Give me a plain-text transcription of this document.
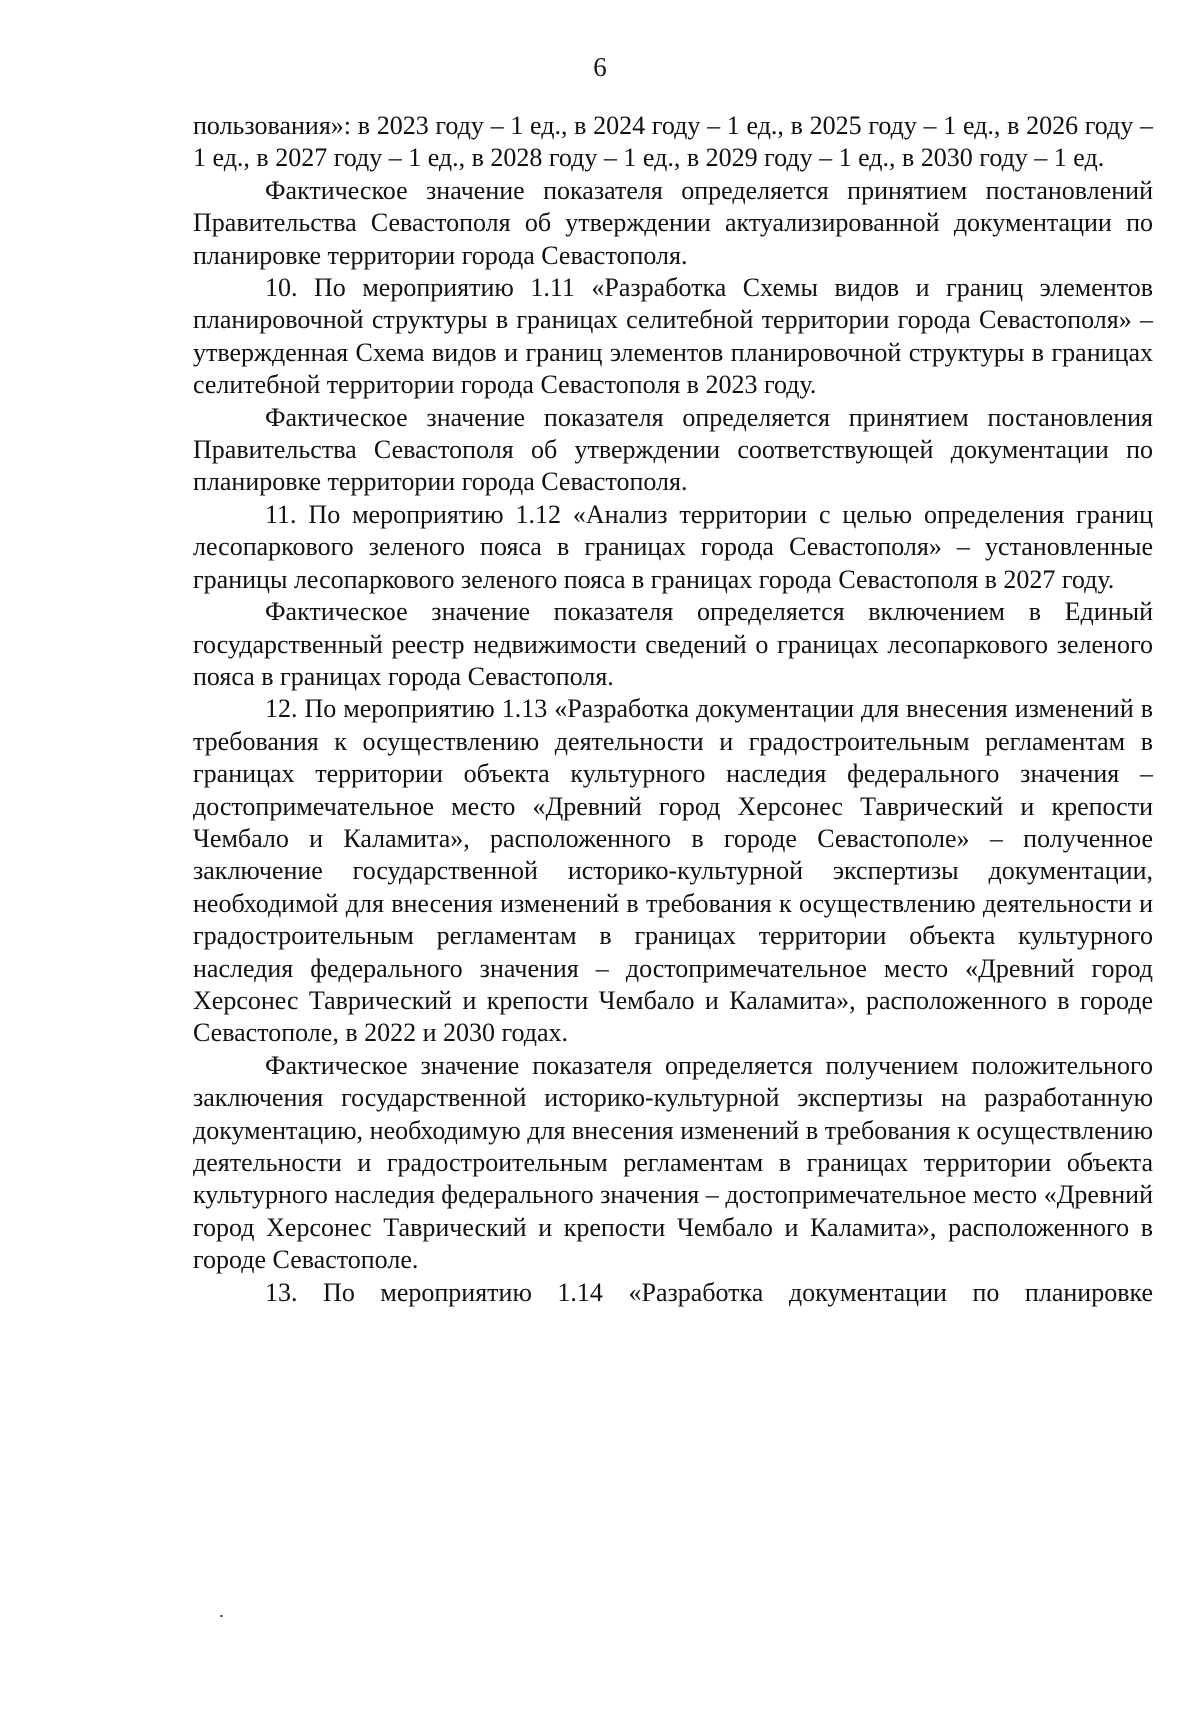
6

пользования»: в 2023 году – 1 ед., в 2024 году – 1 ед., в 2025 году – 1 ед., в 2026 году – 1 ед., в 2027 году – 1 ед., в 2028 году – 1 ед., в 2029 году – 1 ед., в 2030 году – 1 ед.

Фактическое значение показателя определяется принятием постановлений Правительства Севастополя об утверждении актуализированной документации по планировке территории города Севастополя.

10. По мероприятию 1.11 «Разработка Схемы видов и границ элементов планировочной структуры в границах селитебной территории города Севастополя» – утвержденная Схема видов и границ элементов планировочной структуры в границах селитебной территории города Севастополя в 2023 году.

Фактическое значение показателя определяется принятием постановления Правительства Севастополя об утверждении соответствующей документации по планировке территории города Севастополя.

11. По мероприятию 1.12 «Анализ территории с целью определения границ лесопаркового зеленого пояса в границах города Севастополя» – установленные границы лесопаркового зеленого пояса в границах города Севастополя в 2027 году.

Фактическое значение показателя определяется включением в Единый государственный реестр недвижимости сведений о границах лесопаркового зеленого пояса в границах города Севастополя.

12. По мероприятию 1.13 «Разработка документации для внесения изменений в требования к осуществлению деятельности и градостроительным регламентам в границах территории объекта культурного наследия федерального значения – достопримечательное место «Древний город Херсонес Таврический и крепости Чембало и Каламита», расположенного в городе Севастополе» – полученное заключение государственной историко-культурной экспертизы документации, необходимой для внесения изменений в требования к осуществлению деятельности и градостроительным регламентам в границах территории объекта культурного наследия федерального значения – достопримечательное место «Древний город Херсонес Таврический и крепости Чембало и Каламита», расположенного в городе Севастополе, в 2022 и 2030 годах.

Фактическое значение показателя определяется получением положительного заключения государственной историко-культурной экспертизы на разработанную документацию, необходимую для внесения изменений в требования к осуществлению деятельности и градостроительным регламентам в границах территории объекта культурного наследия федерального значения – достопримечательное место «Древний город Херсонес Таврический и крепости Чембало и Каламита», расположенного в городе Севастополе.

13. По мероприятию 1.14 «Разработка документации по планировке
